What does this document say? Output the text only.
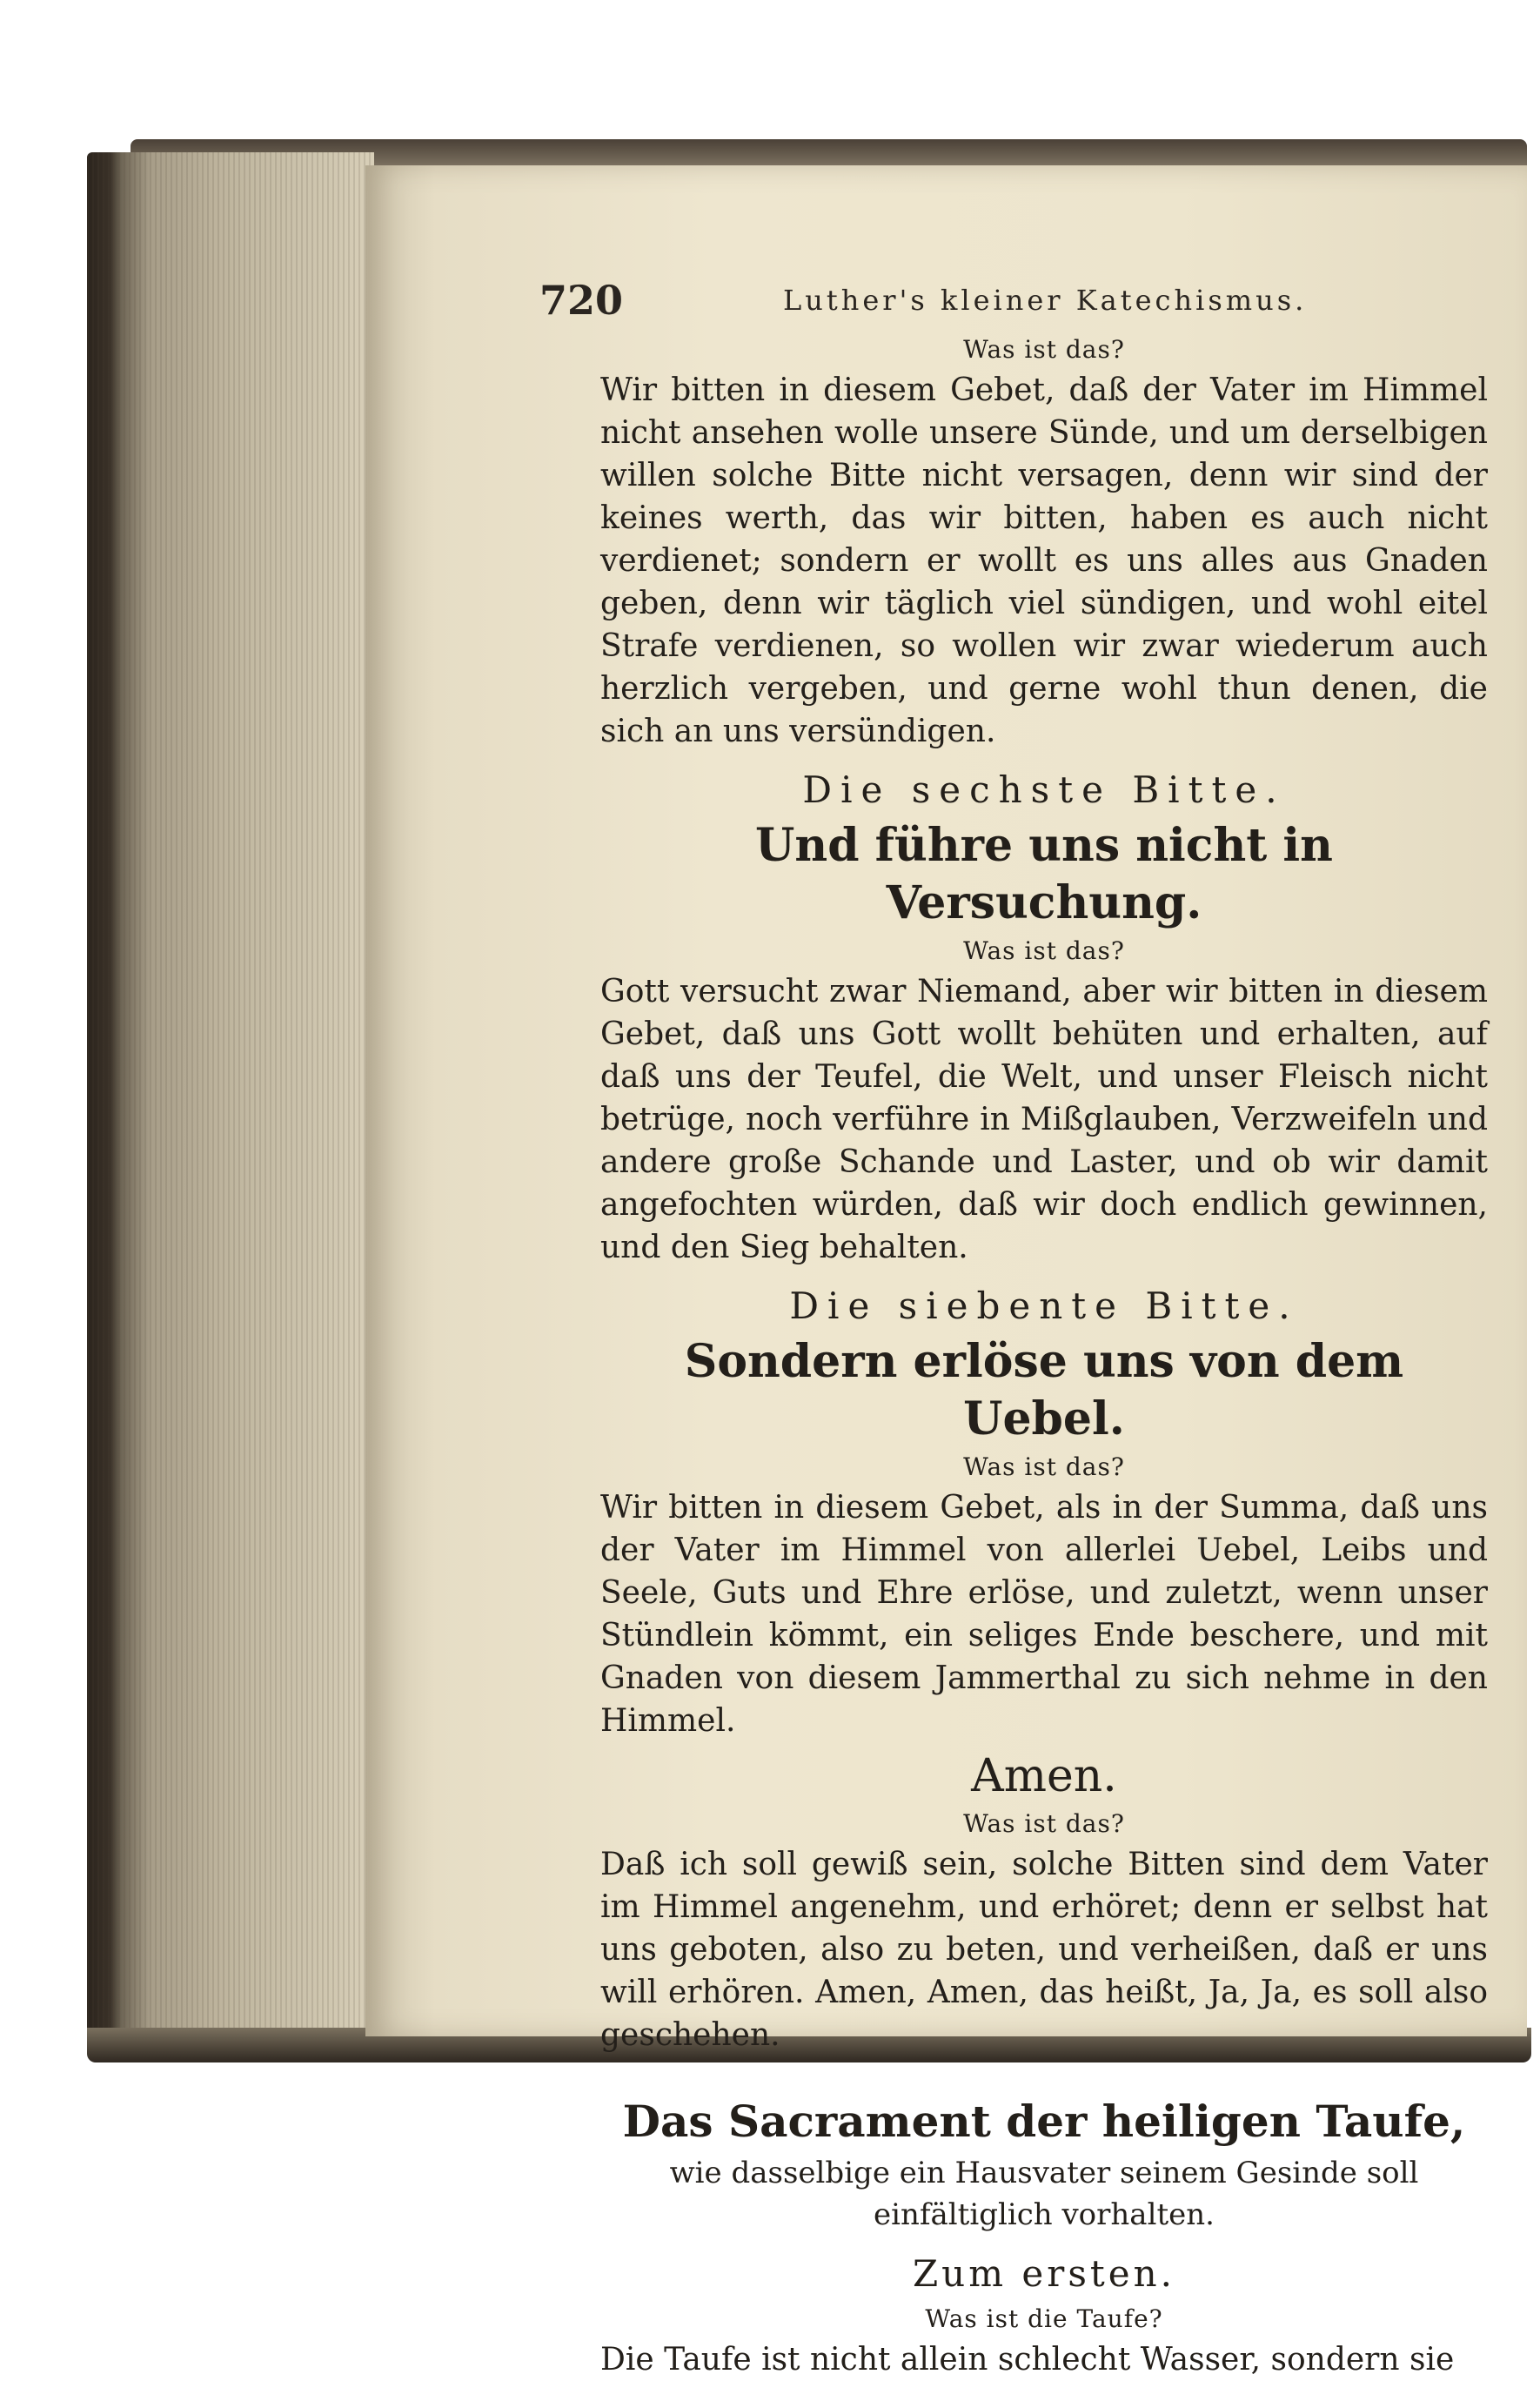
720	Luther's kleiner Katechismus.
Was ist das?

Wir bitten in diesem Gebet, daß der Vater im Himmel nicht ansehen wolle unsere Sünde, und um derselbigen willen solche Bitte nicht versagen, denn wir sind der keines werth, das wir bitten, haben es auch nicht verdienet; sondern er wollt es uns alles aus Gnaden geben, denn wir täglich viel sündigen, und wohl eitel Strafe verdienen, so wollen wir zwar wiederum auch herzlich vergeben, und gerne wohl thun denen, die sich an uns versündigen.

Die sechste Bitte.
Und führe uns nicht in Versuchung.
Was ist das?

Gott versucht zwar Niemand, aber wir bitten in diesem Gebet, daß uns Gott wollt behüten und erhalten, auf daß uns der Teufel, die Welt, und unser Fleisch nicht betrüge, noch verführe in Mißglauben, Verzweifeln und andere große Schande und Laster, und ob wir damit angefochten würden, daß wir doch endlich gewinnen, und den Sieg behalten.

Die siebente Bitte.
Sondern erlöse uns von dem Uebel.
Was ist das?

Wir bitten in diesem Gebet, als in der Summa, daß uns der Vater im Himmel von allerlei Uebel, Leibs und Seele, Guts und Ehre erlöse, und zuletzt, wenn unser Stündlein kömmt, ein seliges Ende beschere, und mit Gnaden von diesem Jammerthal zu sich nehme in den Himmel.

Amen.
Was ist das?

Daß ich soll gewiß sein, solche Bitten sind dem Vater im Himmel angenehm, und erhöret; denn er selbst hat uns geboten, also zu beten, und verheißen, daß er uns will erhören. Amen, Amen, das heißt, Ja, Ja, es soll also geschehen.

Das Sacrament der heiligen Taufe,
wie dasselbige ein Hausvater seinem Gesinde soll einfältiglich vorhalten.
Zum ersten.
Was ist die Taufe?
Die Taufe ist nicht allein schlecht Wasser, sondern sie
